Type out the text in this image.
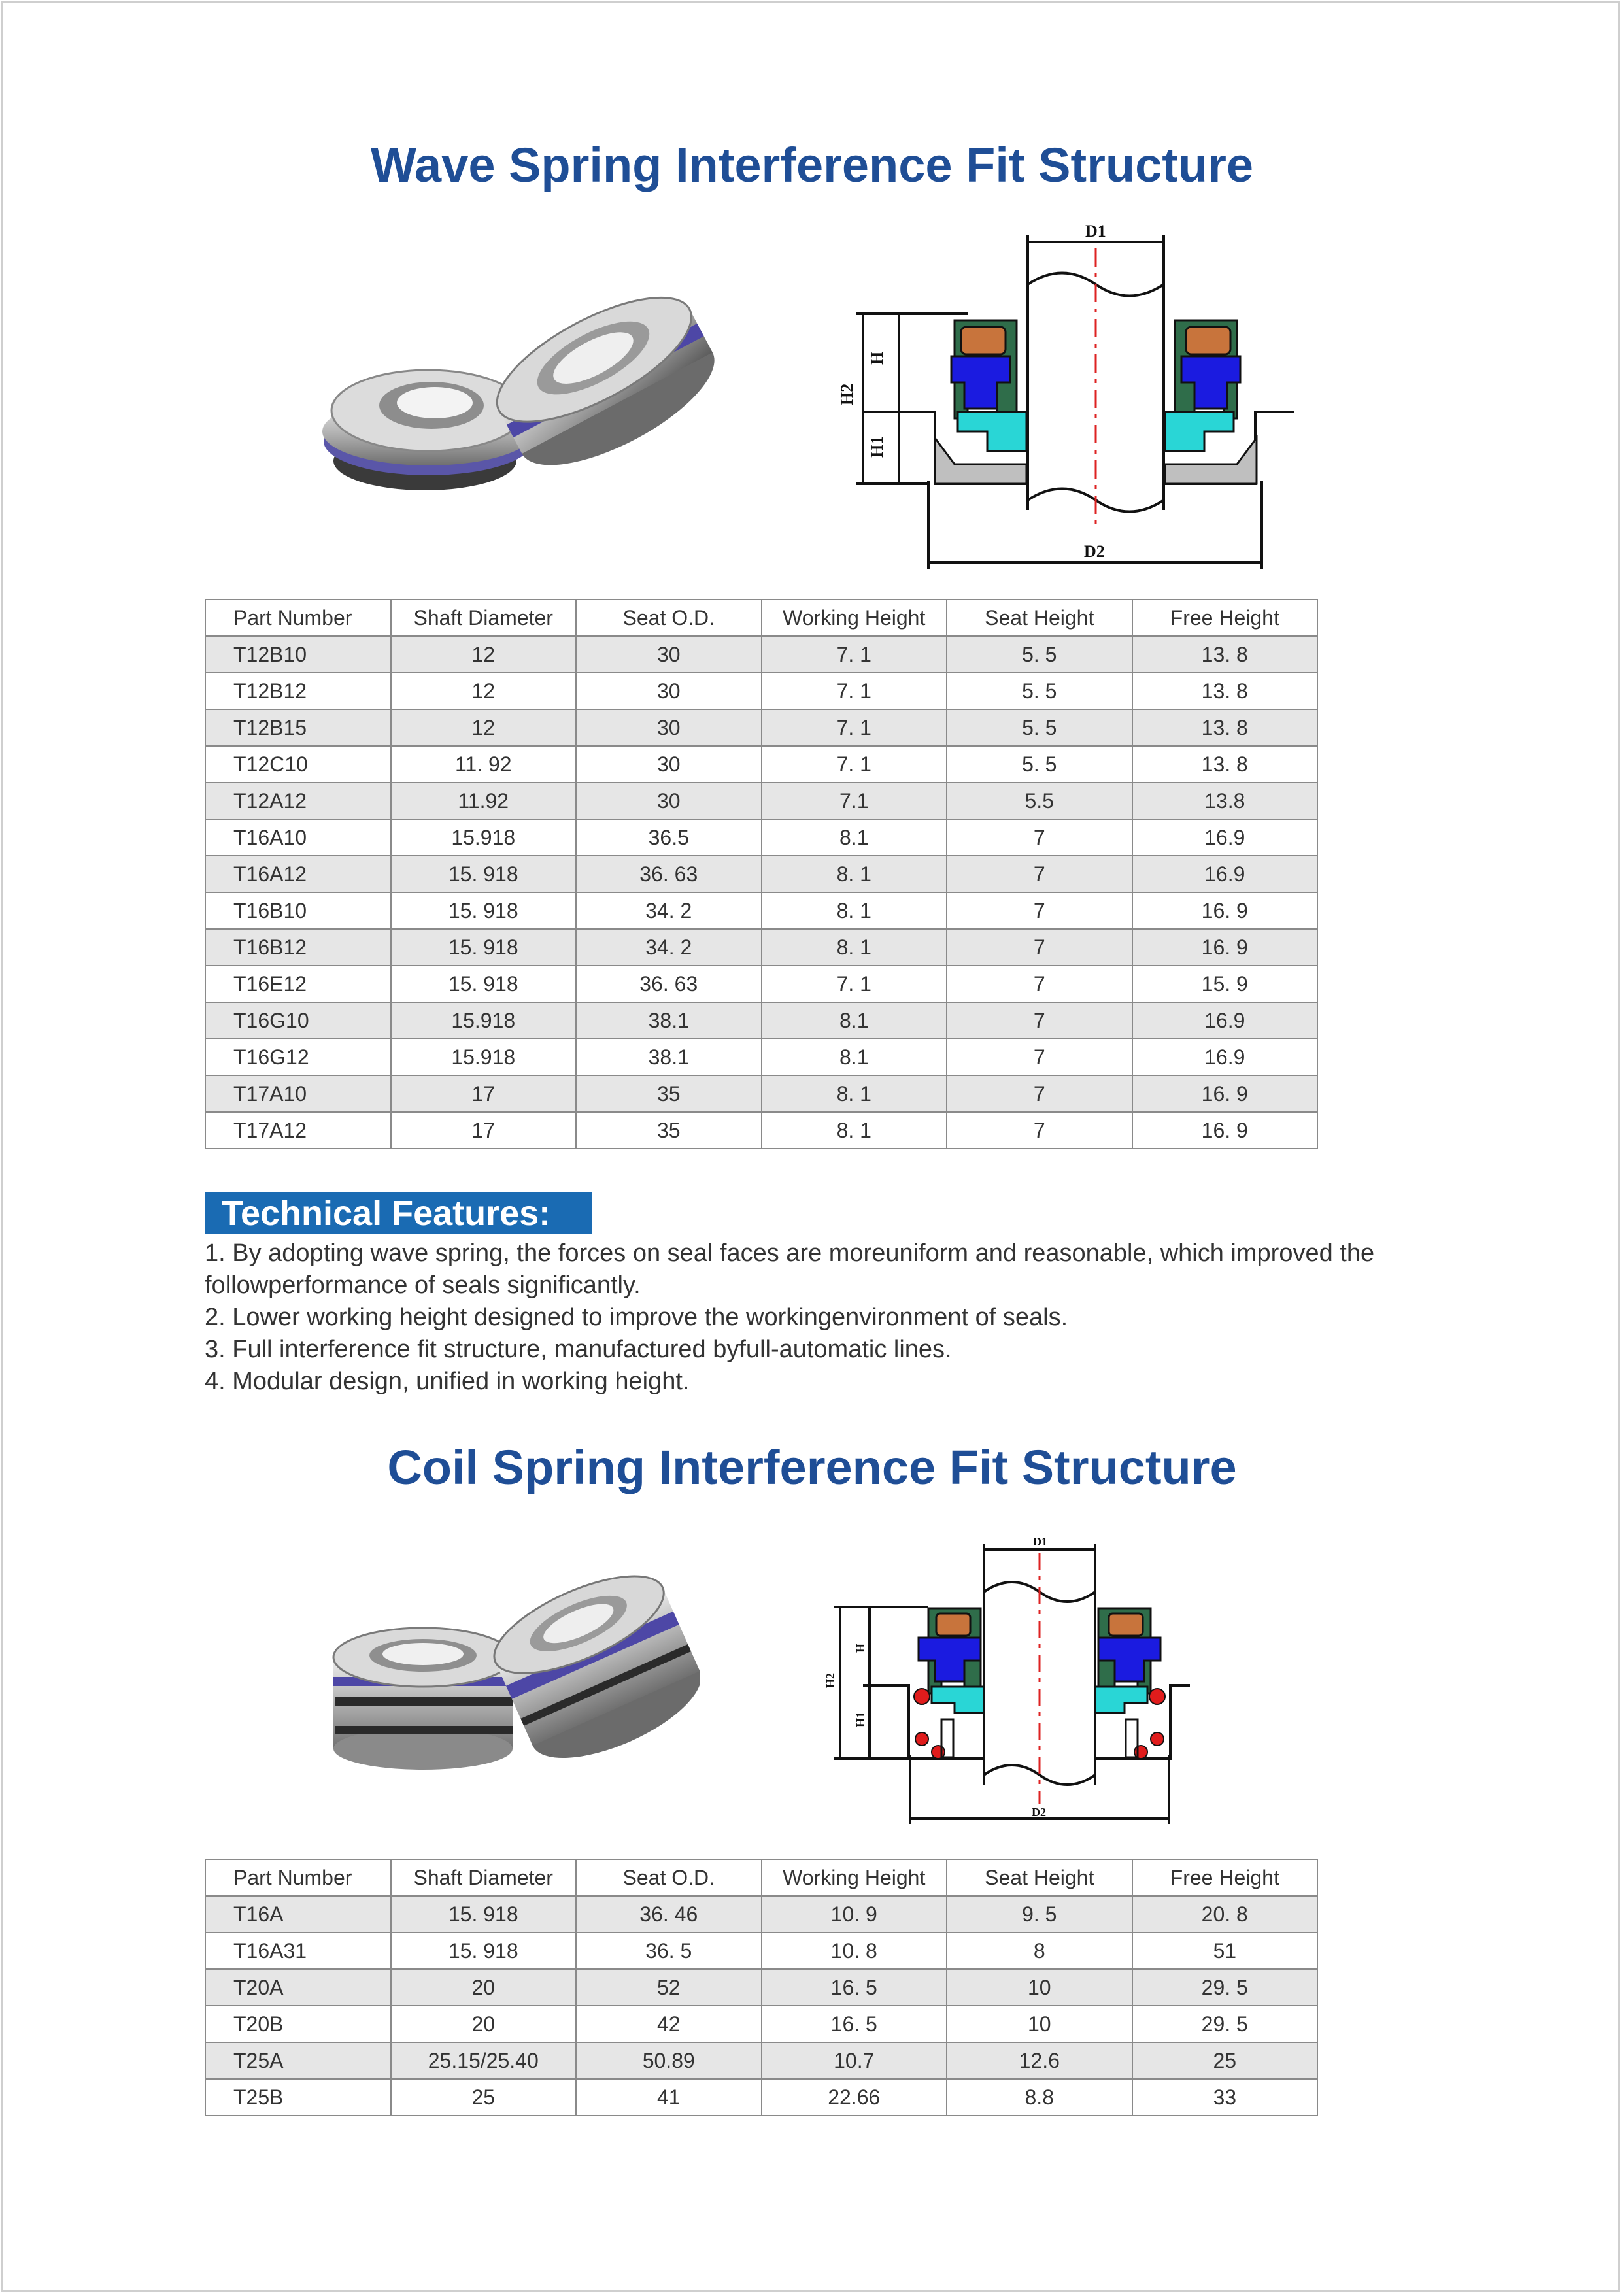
Wave Spring Interference Fit Structure
D1
D2
H
H2
H1
Part Number	Shaft Diameter	Seat O.D.	Working Height	Seat Height	Free Height
T12B10	12	30	7. 1	5. 5	13. 8
T12B12	12	30	7. 1	5. 5	13. 8
T12B15	12	30	7. 1	5. 5	13. 8
T12C10	11. 92	30	7. 1	5. 5	13. 8
T12A12	11.92	30	7.1	5.5	13.8
T16A10	15.918	36.5	8.1	7	16.9
T16A12	15. 918	36. 63	8. 1	7	16.9
T16B10	15. 918	34. 2	8. 1	7	16. 9
T16B12	15. 918	34. 2	8. 1	7	16. 9
T16E12	15. 918	36. 63	7. 1	7	15. 9
T16G10	15.918	38.1	8.1	7	16.9
T16G12	15.918	38.1	8.1	7	16.9
T17A10	17	35	8. 1	7	16. 9
T17A12	17	35	8. 1	7	16. 9
Technical Features:

1. By adopting wave spring, the forces on seal faces are moreuniform and reasonable, which improved the followperformance of seals significantly.

2. Lower working height designed to improve the workingenvironment of seals.

3. Full interference fit structure, manufactured byfull-automatic lines.

4. Modular design, unified in working height.

Coil Spring Interference Fit Structure
D1
D2
H
H2
H1
Part Number	Shaft Diameter	Seat O.D.	Working Height	Seat Height	Free Height
T16A	15. 918	36. 46	10. 9	9. 5	20. 8
T16A31	15. 918	36. 5	10. 8	8	51
T20A	20	52	16. 5	10	29. 5
T20B	20	42	16. 5	10	29. 5
T25A	25.15/25.40	50.89	10.7	12.6	25
T25B	25	41	22.66	8.8	33
